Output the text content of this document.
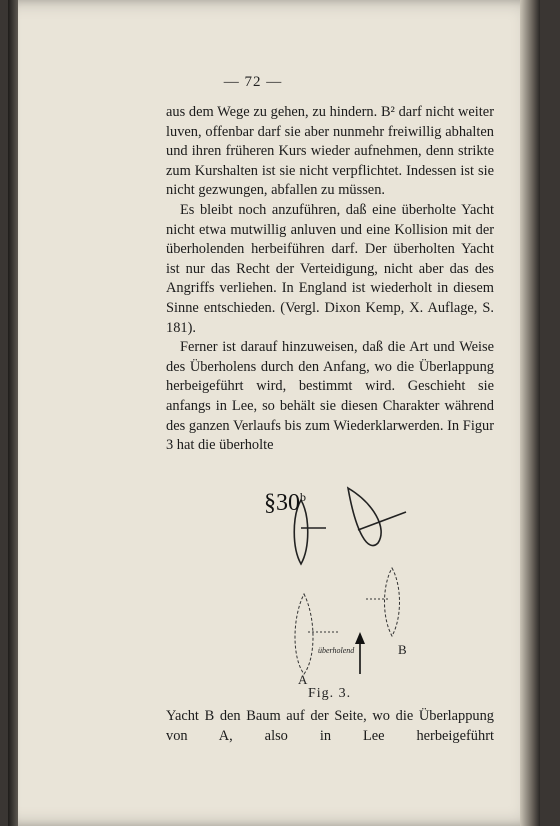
— 72 —

aus dem Wege zu gehen, zu hindern. B² darf nicht weiter luven, offenbar darf sie aber nunmehr freiwillig abhalten und ihren früheren Kurs wieder aufnehmen, denn strikte zum Kurshalten ist sie nicht verpflichtet. Indessen ist sie nicht gezwungen, abfallen zu müssen.

Es bleibt noch anzuführen, daß eine überholte Yacht nicht etwa mutwillig anluven und eine Kollision mit der überholenden herbeiführen darf. Der überholten Yacht ist nur das Recht der Verteidigung, nicht aber das des Angriffs verliehen. In England ist wiederholt in diesem Sinne entschieden. (Vergl. Dixon Kemp, X. Auflage, S. 181).

Ferner ist darauf hinzuweisen, daß die Art und Weise des Überholens durch den Anfang, wo die Überlappung herbeigeführt wird, bestimmt wird. Geschieht sie anfangs in Lee, so behält sie diesen Charakter während des ganzen Verlaufs bis zum Wiederklarwerden. In Figur 3 hat die überholte

§30$^b$
überholend	B
A
Fig. 3.

Yacht B den Baum auf der Seite, wo die Überlappung von A, also in Lee herbeigeführt
